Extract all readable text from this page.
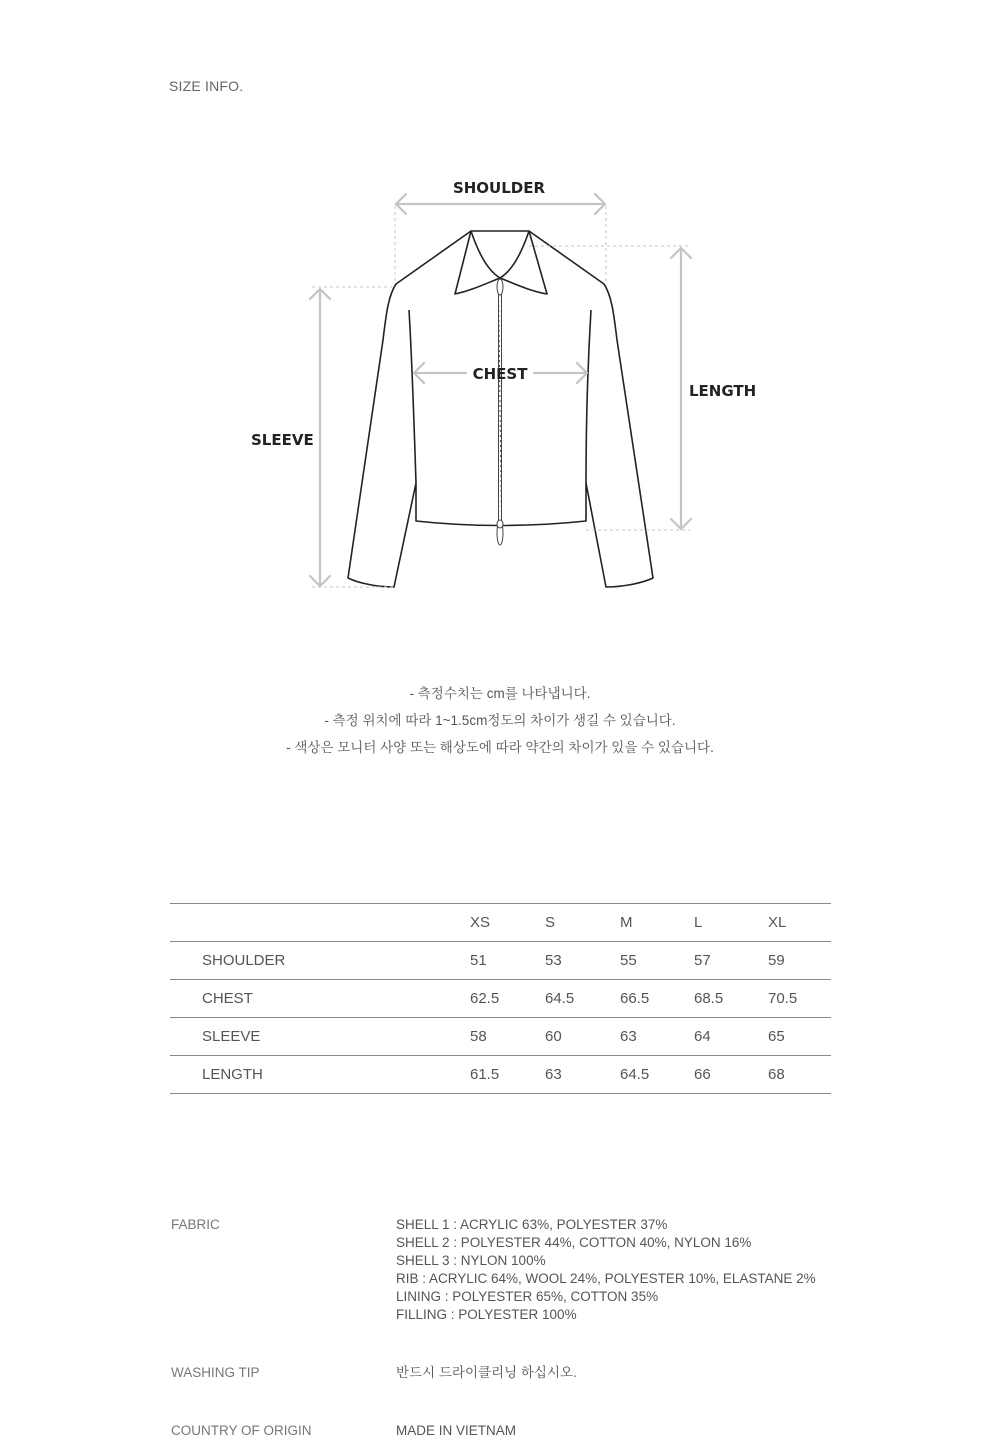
SIZE INFO.
SHOULDER
CHEST
LENGTH
SLEEVE
- 측정수치는 cm를 나타냅니다.
- 측정 위치에 따라 1~1.5cm정도의 차이가 생길 수 있습니다.
- 색상은 모니터 사양 또는 해상도에 따라 약간의 차이가 있을 수 있습니다.
	XS	S	M	L	XL
SHOULDER	51	53	55	57	59
CHEST	62.5	64.5	66.5	68.5	70.5
SLEEVE	58	60	63	64	65
LENGTH	61.5	63	64.5	66	68
FABRIC	SHELL 1 : ACRYLIC 63%, POLYESTER 37%
SHELL 2 : POLYESTER 44%, COTTON 40%, NYLON 16%
SHELL 3 : NYLON 100%
RIB : ACRYLIC 64%, WOOL 24%, POLYESTER 10%, ELASTANE 2%
LINING : POLYESTER 65%, COTTON 35%
FILLING : POLYESTER 100%
WASHING TIP	반드시 드라이클리닝 하십시오.
COUNTRY OF ORIGIN	MADE IN VIETNAM
